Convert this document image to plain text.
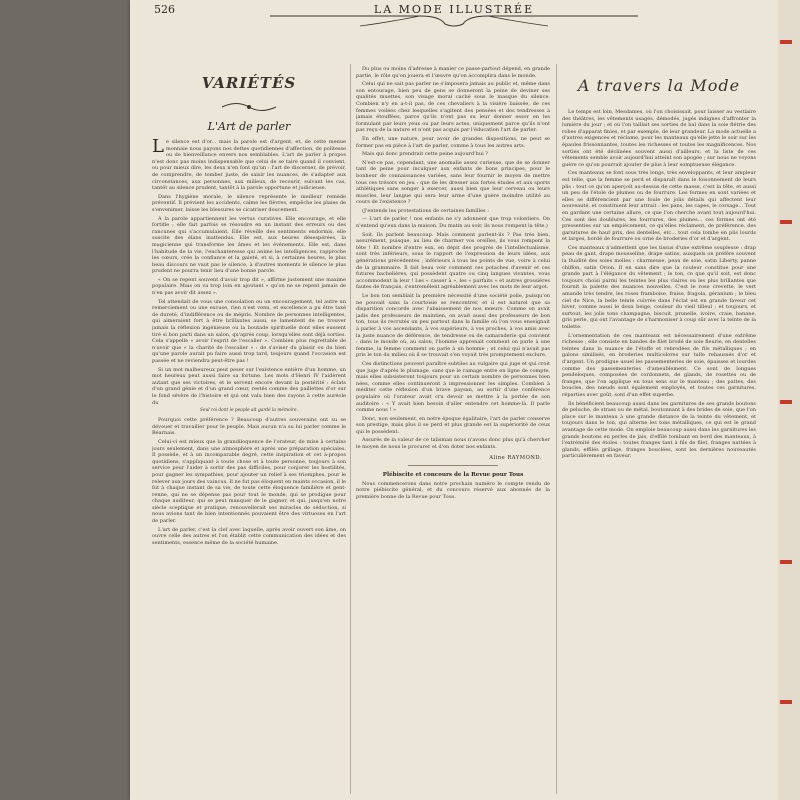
526	LA MODE ILLUSTRÉE
VARIÉTÉS
L'Art de parler

Le silence est d'or... mais la parole est d'argent, et, de cette menue monnaie nous payons nos dettes quotidiennes d'affection, de politesse ou de bienveillance envers nos semblables. L'art de parler à propos n'est donc pas moins indispensable que celui de se taire quand il convient, ou pour mieux dire, les deux n'en font qu'un : l'art de discerner, de prévoir, de comprendre, de tomber juste, de saisir les nuances, de s'adapter aux circonstances, aux personnes, aux milieux, de recourir, suivant les cas, tantôt au silence prudent, tantôt à la parole opportune et judicieuse.

Dans l'hygiène morale, le silence représente le meilleur remède préventif. Il prévient les accidents, calme les fièvres, empêche les plaies de s'envenimer, laisse les blessures se cicatriser doucement.

A la parole appartiennent les vertus curatives. Elle encourage, et elle fortifie ; elle fait parfois se résoudre en un instant des erreurs ou des rancunes qui s'accumulaient. Elle réveille des sentiments endormis, elle suscite des élans inattendus. Elle est, aux heures désespérées, la magicienne qui transforme les âmes et les événements. Elle est, dans l'habitude de la vie, l'enchanteresse qui anime les intelligences, rapproche les cœurs, crée la confiance et la gaieté, et si, à certaines heures, le plus beau discours ne vaut pas le silence, à d'autres moments le silence le plus prudent ne pourra tenir lieu d'une bonne parole.

« On se repent souvent d'avoir trop dit », affirme justement une maxime populaire. Mais on va trop loin en ajoutant « qu'on ne se repent jamais de n'en pas avoir dit assez ».

Tel attendait de vous une consolation ou un encouragement, tel autre un remerciement ou une excuse, rien n'est venu, et excellence a pu être taxé de dureté, d'indifférence ou de mépris. Nombre de personnes intelligentes, qui aimeraient fort à être brillantes aussi, se lamentent de ne trouver jamais la réflexion ingénieuse ou la boutade spirituelle dont elles eussent tiré si bon parti dans un salon, qu'après coup, lorsqu'elles sont déjà sorties. Cela s'appelle « avoir l'esprit de l'escalier ». Combien plus regrettable de n'avoir que « la charité de l'escalier » : de s'aviser du plaisir ou du bien qu'une parole aurait pu faire aussi trop tard, toujours quand l'occasion est passée et ne reviendra peut-être pas !

Si un mot malheureux peut peser sur l'existence entière d'un homme, un mot heureux peut aussi faire sa fortune. Les mots d'Henri IV l'aidèrent autant que ses victoires, et le servent encore devant la postérité : éclats d'un grand génie et d'un grand cœur, restés comme des paillettes d'or sur le fond sévère de l'histoire et qui ont valu bien des rayons à cette auréole du

Seul roi dont le peuple ait gardé la mémoire.

Pourquoi cette préférence ? Beaucoup d'autres souverains ont su se dévouer et travailler pour le peuple. Mais aucun n'a su lui parler comme le Béarnais.

Celui-ci est mieux que la grandiloquence de l'orateur, de mise à certains jours seulement, dans une atmosphère et après une préparation spéciales. Il possède, et à un incomparable degré, cette inspiration et cet à-propos quotidiens, s'appliquant à toute chose et à toute personne, toujours à son service pour l'aider à sortir des pas difficiles, pour conjurer les hostilités, pour gagner les sympathies, pour ajouter un relief à ses triomphes, pour le relever aux jours des vaincus. Il ne fut pas éloquent en maints occasion, il le fut à chaque instant de sa vie, de toute cette éloquence familière et gent-renne, qui ne se dépense pas pour tout le monde, qui se prodigue pour chaque auditeur, qui se peut manquer de le gagner, et qui, jusqu'en notre siècle sceptique et pratique, renouvellerait ses miracles de séduction, si nous avions tant de bien intentionnés pouvaient être des virtuoses en l'art de parler.

L'art de parler, c'est la clef avec laquelle, après avoir ouvert son âme, on ouvre celle des autres et l'on établit cette communication des idées et des sentiments, essence même de la société humaine.

Du plus ou moins d'adresse à manier ce passe-partout dépend, en grande partie, le rôle qu'on jouera et l'œuvre qu'on accomplira dans le monde.

Celui qui ne sait pas parler ne s'imposera jamais au public et, même dans son entourage, bien peu de gens se donneront la peine de deviner ses qualités muettes, son visage moral caché sous le masque du silence. Combien n'y en a-t-il pas, de ces chevaliers à la visière baissée, de ces femmes voilées chez lesquelles s'agitent des pensées et des tendresses à jamais étouffées, parce qu'ils n'ont pas su leur donner essor en les formulant par leurs yeux ou par leurs actes, uniquement parce qu'ils n'ont pas reçu de la nature et n'ont pas acquis par l'éducation l'art de parler.

En effet, une nature, pour avoir de grandes dispositions, ne peut se former pas en pièce à l'art de parler, comme à tous les autres arts.

Mais qui donc prendrait cette peine aujourd'hui ?

N'est-ce pas, cependant, une anomalie assez curieuse, que de se donner tant de peine pour inculquer aux enfants de bons principes, pour le bonheur de connaissances variées, sans leur fournir le moyen de mettre tous ces trésors en jeu : que de les dresser aux fortes études et aux sports athlétiques sans songer à exercer, aussi bien que leur cerveau ou leurs muscles, leur langue qui sera leur arme d'une guère moindre utilité au cours de l'existence ?

(J'entends les protestations de certaines familles :

— L'art de parler ! nos enfants ne s'y adonnent que trop volontiers. On n'entend qu'eux dans la maison. Du matin au soir, ils nous rompent la tête.)

Soit. Ils parlent beaucoup. Mais comment parlent-ils ? Pas très bien, assurément, puisque, au lieu de charmer vos oreilles, ils vous rompent la tête ! Et nombre d'entre eux, en dépit des progrès de l'intellectualisme, sont très inférieurs, sous le rapport de l'expression de leurs idées, aux générations précédentes ; inférieurs à tous les points de vue, voire à celui de la grammaire. Il fait beau voir comment ces potaches d'avenir et ces futures bachelières, qui possèdent quatre ou cinq langues vivantes, vous accommodent la leur ! Les « casser à », les « parfaits » et autres grossières fautes de français, s'entremêlent agréablement avec les mots de leur argot.

Le bon ton semblait la première nécessité d'une société polie, puisqu'on ne pouvait sans la courtoisie se rencontrer, et il est naturel que sa disparition concorde avec l'abaissement de nos mœurs. Comme on avait jadis des professeurs de maintien, on avait aussi des professeurs de bon ton, tous ils recrutés un peu partout dans la famille où l'on vous enseignait à parler à vos ascendants, à vos supérieurs, à vos proches, à vos amis avec la juste nuance de déférence, de tendresse ou de camaraderie qui convient : dans le monde où, au salon, l'homme apprenait comment on parle à une femme, la femme comment on parle à un homme ; et celui qui n'avait pas pris le ton du milieu où il se trouvait s'en voyait très promptement exclure.

Ces distinctions peuvent paraître subtiles au vulgaire qui juge et qui croit que juge d'après le plumage, sans que le ramage entre en ligne de compte, mais elles subsisteront toujours pour un certain nombre de personnes bien nées, comme elles continueront à impressionner les simples. Combien à méditer cette réflexion d'un brave paysan, au sortir d'une conférence populaire où l'orateur avait cru devoir se mettre à la portée de son auditoire : « Y avait bien besoin d'aller entendre cet homme-là. Il parle comme nous ! »

Donc, non seulement, en notre époque égalitaire, l'art de parler conserve son prestige, mais plus il se perd et plus grande est la supériorité de ceux qui le possèdent.

Assurés de la valeur de ce talisman nous n'avons donc plus qu'à chercher le moyen de nous le procurer et d'en doter nos enfants.

Aline RAYMOND.
Plébiscite et concours de la Revue pour Tous

Nous commencerons dans notre prochain numéro le compte rendu de notre plébiscite général, et du concours réservé aux abonnés de la première bonne de la Revue pour Tous.

A travers la Mode

Le temps est loin, Mesdames, où l'on choisissait, pour laisser au vestiaire des théâtres, les vêtements usagés, démodés, jugés indignes d'affronter la lumière du jour ; et où l'on taillait ses sorties de bal dans la soie flétrie des robes d'apparat finies, et par exemple, de leur grandeur. La mode actuelle a d'autres exigences et réclame, pour les manteaux qu'elle jette le soir sur les épaules frissonnantes, toutes les richesses et toutes les magnificences. Nos sorties ont été déclinées souvent aussi d'ailleurs, et la liste de ces vêtements semble avoir aujourd'hui atteint son apogée ; sur nous ne voyons guère ce qu'on pourrait ajouter de plus à leur somptueuse élégance.

Ces manteaux se font sous très longs, très enveloppants, et leur ampleur est telle, que la femme se perd et disparaît dans le foisonnement de leurs plis : tout ce qu'on aperçoit au-dessus de cette masse, c'est la tête, et aussi un peu de l'étole de plumes ou de fourrure. Les formes en sont variées et elles se différencient par une foule de jolis détails qui affectent leur nouveauté, et constituent leur attrait : les pans, les capes, le corsage... Tout en gardant une certaine allure, ce que l'on cherche avant tout aujourd'hui. Ces sont des doublures, les fourrures, des plumes... ces formes ont été pressenties sur un empiècement, ce qu'elles réclament, de préférence, des garnitures de haut prix, des dentelles, etc... tout cela tombe en plis lourds et larges, bordé de fourrure ou orné de broderies d'or et d'argent.

Ces manteaux n'admettent que les tissus d'une extrême souplesse : drap peau de gant, drape mousseline, drape satins, auxquels on préfère souvent la fluidité des soies molles : charmeuse, peau de soie, satin Liberty, panne chiffon, satin Orion. Il en sans dire que la couleur constitue pour une grande part à l'élégance du vêtement ; le ton, ce que qu'il soit, est donc toujours choisi parmi les teintes les plus claires ou les plus brillantes que fournit la palette des nuances nouvelles. C'est le rose crevette, le vert amande très tendre, les roses framboise, fraise, fragola, géranium ; le bleu ciel de Nice, la belle teinte cuivrée dans l'éclat est en grande faveur cet hiver, comme aussi le doux beige, couleur du vieil tilleul ; et toujours, et surtout, les jolis tons champagne, biscuit, prunelle, ivoire, craie, banane, gris perle, qui ont l'avantage de s'harmoniser à coup sûr avec la teinte de la toilette.

L'ornementation de ces manteaux est nécessairement d'une extrême richesse ; elle consiste en bandes de filet brodé de soie fleurie, en dentelles teintes dans la nuance de l'étoffe et rebrodées de fils métalliques ; en galons similisés, en broderies multicolores sur tulle rehaussés d'or et d'argent. Un prodigue usuel les passementeries de soie, épaisses et lourdes comme des passementeries d'ameublement. Ce sont de longues pendeloques, composées de cordonnets, de glands, de rosettes ou de franges, que l'on applique en tous sens sur le manteau ; des pattes, des boucles, des nœuds sont également employés, et toutes ces garnitures, réparties avec goût, sont d'un effet superbe.

Ils bénéficient beaucoup aussi dans les garnitures de ses grands boutons de peluche, de strass ou de métal, boutonnant à des brides de soie, que l'on place sur le manteau à une grande distance de la teinte du vêtement, et toujours dans le ton, qui alterne les tons métalliques, ce qui est le grand avantage de cette mode. On emploie beaucoup aussi dans les garnitures les grands boutons en perles de jais, d'effilé tombant en bord des manteaux, à l'extrémité des étoles : toutes franges tant à fils de filet, franges nattées à glands, effilés grillage, franges bouclées, sont les dernières nouveautés particulièrement en faveur.
